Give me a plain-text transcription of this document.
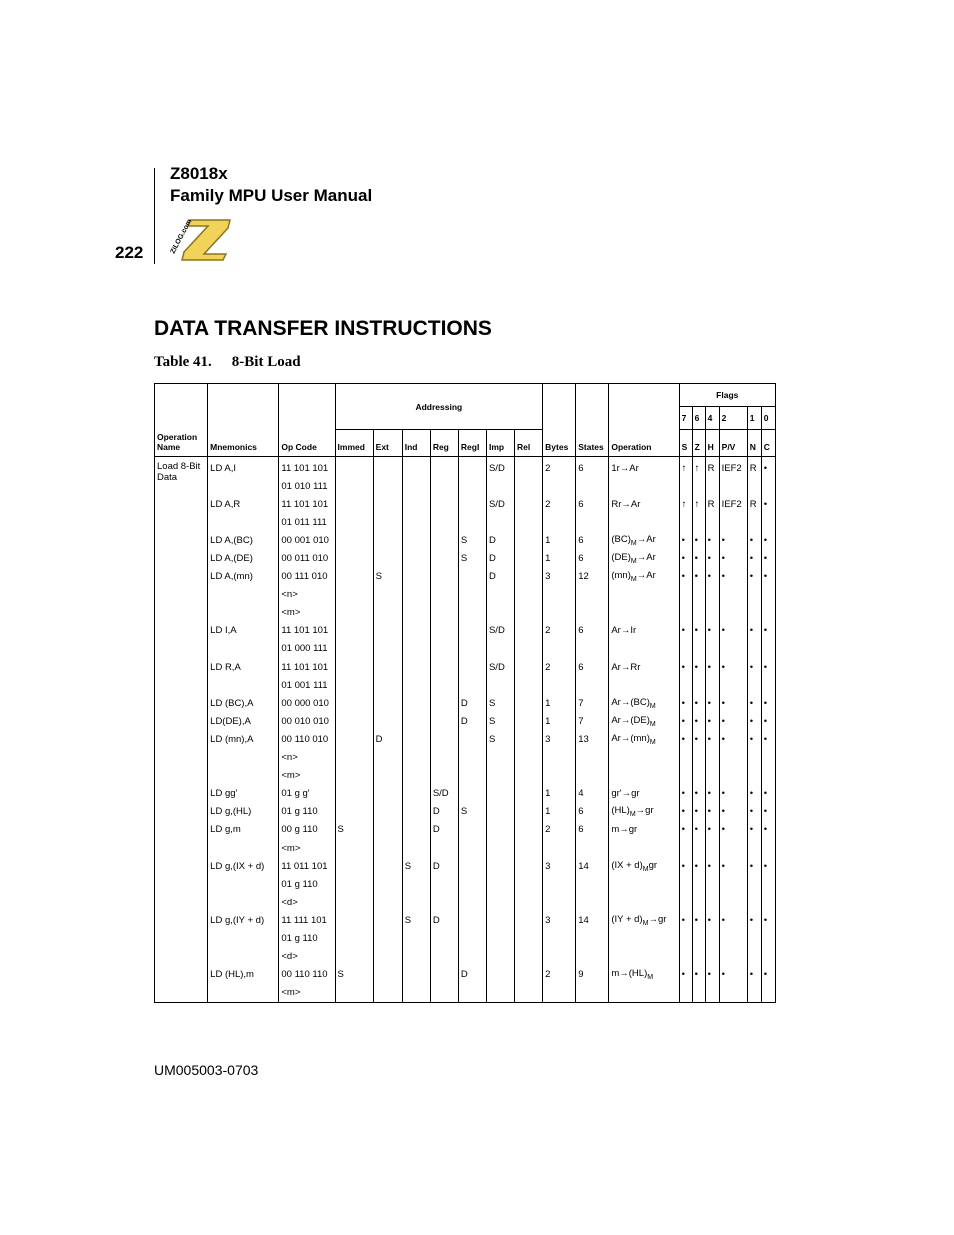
Z8018x
Family MPU User Manual
222	ZiLOG.com
DATA TRANSFER INSTRUCTIONS
Table 41. 8-Bit Load
Operation Name	Mnemonics	Op Code	Addressing							Bytes	States	Operation	Flags					
													7	6	4	2	1	0
			Immed	Ext	Ind	Reg	RegI	Imp	Rel				S	Z	H	P/V	N	C
Load 8-Bit Data	LD A,I	11 101 101						S/D		2	6	1r→Ar	↑	↑	R	IEF2	R	•
		01 010 111																
	LD A,R	11 101 101						S/D		2	6	Rr→Ar	↑	↑	R	IEF2	R	•
		01 011 111																
	LD A,(BC)	00 001 010					S	D		1	6	$(BC)_M\to Ar$	•	•	•	•	•	•
	LD A,(DE)	00 011 010					S	D		1	6	$(DE)_M\to Ar$	•	•	•	•	•	•
	LD A,(mn)	00 111 010		S				D		3	12	$(mn)_M\to Ar$	•	•	•	•	•	•
		<n>																
		<m>																
	LD I,A	11 101 101						S/D		2	6	Ar→Ir	•	•	•	•	•	•
		01 000 111																
	LD R,A	11 101 101						S/D		2	6	Ar→Rr	•	•	•	•	•	•
		01 001 111																
	LD (BC),A	00 000 010					D	S		1	7	$Ar\to(BC)_M$	•	•	•	•	•	•
	LD(DE),A	00 010 010					D	S		1	7	$Ar\to(DE)_M$	•	•	•	•	•	•
	LD (mn),A	00 110 010		D				S		3	13	$Ar\to(mn)_M$	•	•	•	•	•	•
		<n>																
		<m>																
	LD gg'	01 g g'				S/D				1	4	gr'→gr	•	•	•	•	•	•
	LD g,(HL)	01 g 110				D	S			1	6	$(HL)_M\to gr$	•	•	•	•	•	•
	LD g,m	00 g 110	S			D				2	6	m→gr	•	•	•	•	•	•
		<m>																
	LD g,(IX + d)	11 011 101			S	D				3	14	$(IX + d)_Mgr$	•	•	•	•	•	•
		01 g 110																
		<d>																
	LD g,(IY + d)	11 111 101			S	D				3	14	$(IY + d)_M\to gr$	•	•	•	•	•	•
		01 g 110																
		<d>																
	LD (HL),m	00 110 110	S				D			2	9	$m\to(HL)_M$	•	•	•	•	•	•
		<m>																
UM005003-0703
